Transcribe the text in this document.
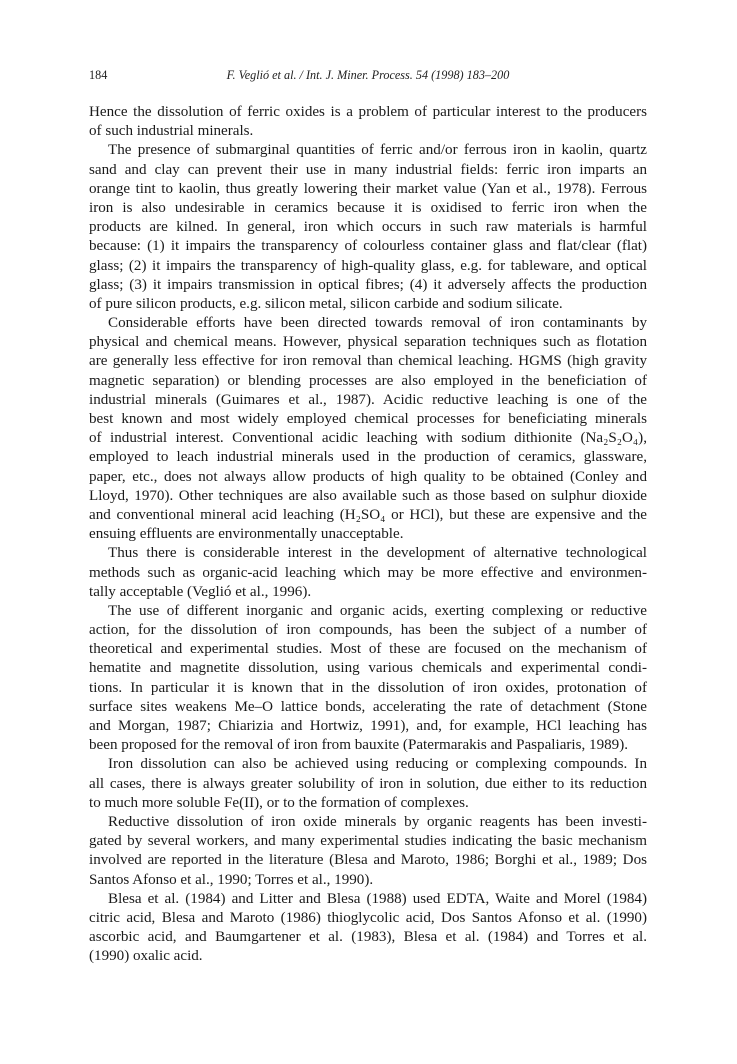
184	F. Veglió et al. / Int. J. Miner. Process. 54 (1998) 183–200
Hence the dissolution of ferric oxides is a problem of particular interest to the producers
of such industrial minerals.
The presence of submarginal quantities of ferric and/or ferrous iron in kaolin, quartz
sand and clay can prevent their use in many industrial fields: ferric iron imparts an
orange tint to kaolin, thus greatly lowering their market value (Yan et al., 1978). Ferrous
iron is also undesirable in ceramics because it is oxidised to ferric iron when the
products are kilned. In general, iron which occurs in such raw materials is harmful
because: (1) it impairs the transparency of colourless container glass and flat/clear (flat)
glass; (2) it impairs the transparency of high-quality glass, e.g. for tableware, and optical
glass; (3) it impairs transmission in optical fibres; (4) it adversely affects the production
of pure silicon products, e.g. silicon metal, silicon carbide and sodium silicate.
Considerable efforts have been directed towards removal of iron contaminants by
physical and chemical means. However, physical separation techniques such as flotation
are generally less effective for iron removal than chemical leaching. HGMS (high gravity
magnetic separation) or blending processes are also employed in the beneficiation of
industrial minerals (Guimares et al., 1987). Acidic reductive leaching is one of the
best known and most widely employed chemical processes for beneficiating minerals
of industrial interest. Conventional acidic leaching with sodium dithionite (Na₂S₂O₄),
employed to leach industrial minerals used in the production of ceramics, glassware,
paper, etc., does not always allow products of high quality to be obtained (Conley and
Lloyd, 1970). Other techniques are also available such as those based on sulphur dioxide
and conventional mineral acid leaching (H₂SO₄ or HCl), but these are expensive and the
ensuing effluents are environmentally unacceptable.
Thus there is considerable interest in the development of alternative technological
methods such as organic-acid leaching which may be more effective and environmen-
tally acceptable (Veglió et al., 1996).
The use of different inorganic and organic acids, exerting complexing or reductive
action, for the dissolution of iron compounds, has been the subject of a number of
theoretical and experimental studies. Most of these are focused on the mechanism of
hematite and magnetite dissolution, using various chemicals and experimental condi-
tions. In particular it is known that in the dissolution of iron oxides, protonation of
surface sites weakens Me–O lattice bonds, accelerating the rate of detachment (Stone
and Morgan, 1987; Chiarizia and Hortwiz, 1991), and, for example, HCl leaching has
been proposed for the removal of iron from bauxite (Patermarakis and Paspaliaris, 1989).
Iron dissolution can also be achieved using reducing or complexing compounds. In
all cases, there is always greater solubility of iron in solution, due either to its reduction
to much more soluble Fe(II), or to the formation of complexes.
Reductive dissolution of iron oxide minerals by organic reagents has been investi-
gated by several workers, and many experimental studies indicating the basic mechanism
involved are reported in the literature (Blesa and Maroto, 1986; Borghi et al., 1989; Dos
Santos Afonso et al., 1990; Torres et al., 1990).
Blesa et al. (1984) and Litter and Blesa (1988) used EDTA, Waite and Morel (1984)
citric acid, Blesa and Maroto (1986) thioglycolic acid, Dos Santos Afonso et al. (1990)
ascorbic acid, and Baumgartener et al. (1983), Blesa et al. (1984) and Torres et al.
(1990) oxalic acid.
